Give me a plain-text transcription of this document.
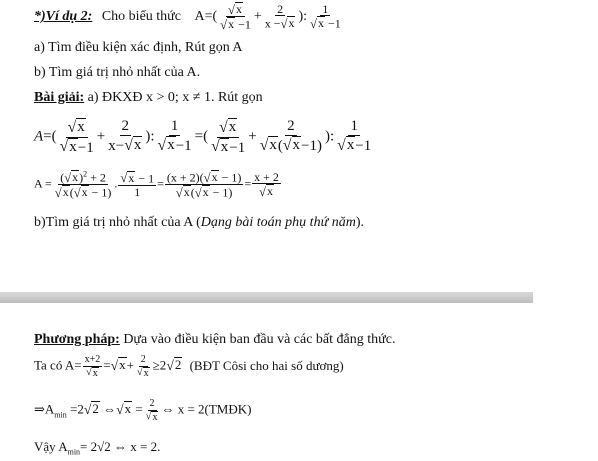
*)Ví dụ 2: Cho biểu thức $A=( \frac{√ x}{√ x -1} + \frac{2}{x - √ x}$ ): $\frac{1}{√ x -1}$
a) Tìm điều kiện xác định, Rút gọn A
b) Tìm giá trị nhỏ nhất của A.
Bài giải: a) ĐKXĐ x > 0; x ≠ 1. Rút gọn
$A=( \frac{√ x}{√ x -1} + \frac{2}{x- √ x}$ ): $\frac{1}{√ x -1}$ =( $\frac{√ x}{√ x -1} + \frac{2}{√ x ( √ x -1)}$ ): $\frac{1}{√ x -1}$
$A = \frac{( √ x )^2 + 2}{√ x ( √ x - 1)}$ . $\frac{√ x - 1}{1} = \frac{(x + 2)( √ x - 1)}{√ x ( √ x - 1)} = \frac{x + 2}{√ x}$
b)Tìm giá trị nhỏ nhất của A (Dạng bài toán phụ thứ năm).
Phương pháp: Dựa vào điều kiện ban đầu và các bất đẳng thức.
Ta có $A= \frac{x+2}{√ x}$ = √ $x + \frac{2}{√ x} \ge 2$ √ 2 (BĐT Côsi cho hai số dương)
$\Rightarrow A_{min} =2$ √ 2 ⇔ √ $x = \frac{2}{√ x}$ ⇔ x = 2(TMĐK)
Vậy $A_{min}= 2√2$ ⇔ x = 2.
